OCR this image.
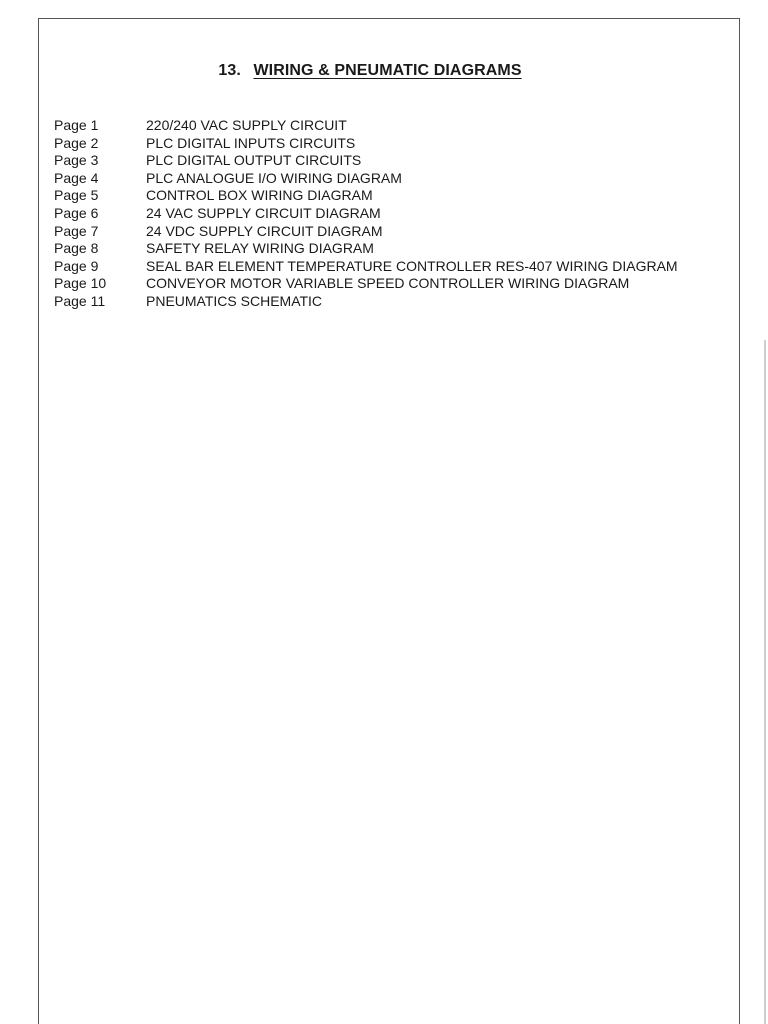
13. WIRING & PNEUMATIC DIAGRAMS
Page 1	220/240 VAC SUPPLY CIRCUIT
Page 2	PLC DIGITAL INPUTS CIRCUITS
Page 3	PLC DIGITAL OUTPUT CIRCUITS
Page 4	PLC ANALOGUE I/O WIRING DIAGRAM
Page 5	CONTROL BOX WIRING DIAGRAM
Page 6	24 VAC SUPPLY CIRCUIT DIAGRAM
Page 7	24 VDC SUPPLY CIRCUIT DIAGRAM
Page 8	SAFETY RELAY WIRING DIAGRAM
Page 9	SEAL BAR ELEMENT TEMPERATURE CONTROLLER RES-407 WIRING DIAGRAM
Page 10	CONVEYOR MOTOR VARIABLE SPEED CONTROLLER WIRING DIAGRAM
Page 11	PNEUMATICS SCHEMATIC
